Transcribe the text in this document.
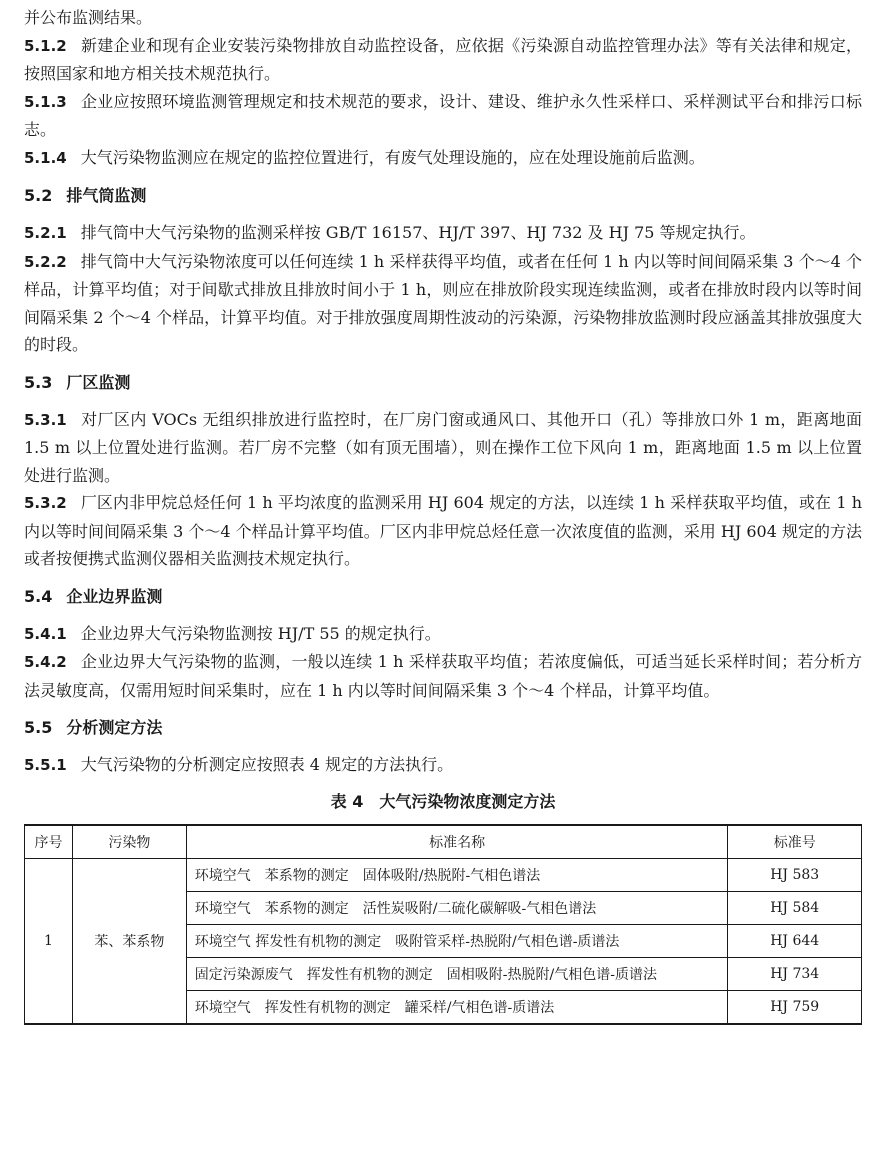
并公布监测结果。

5.1.2 新建企业和现有企业安装污染物排放自动监控设备，应依据《污染源自动监控管理办法》等有关法律和规定，按照国家和地方相关技术规范执行。

5.1.3 企业应按照环境监测管理规定和技术规范的要求，设计、建设、维护永久性采样口、采样测试平台和排污口标志。

5.1.4 大气污染物监测应在规定的监控位置进行，有废气处理设施的，应在处理设施前后监测。

5.2 排气筒监测

5.2.1 排气筒中大气污染物的监测采样按 GB/T 16157、HJ/T 397、HJ 732 及 HJ 75 等规定执行。

5.2.2 排气筒中大气污染物浓度可以任何连续 1 h 采样获得平均值，或者在任何 1 h 内以等时间间隔采集 3 个～4 个样品，计算平均值；对于间歇式排放且排放时间小于 1 h，则应在排放阶段实现连续监测，或者在排放时段内以等时间间隔采集 2 个～4 个样品，计算平均值。对于排放强度周期性波动的污染源，污染物排放监测时段应涵盖其排放强度大的时段。

5.3 厂区监测

5.3.1 对厂区内 VOCs 无组织排放进行监控时，在厂房门窗或通风口、其他开口（孔）等排放口外 1 m，距离地面 1.5 m 以上位置处进行监测。若厂房不完整（如有顶无围墙），则在操作工位下风向 1 m，距离地面 1.5 m 以上位置处进行监测。

5.3.2 厂区内非甲烷总烃任何 1 h 平均浓度的监测采用 HJ 604 规定的方法，以连续 1 h 采样获取平均值，或在 1 h 内以等时间间隔采集 3 个～4 个样品计算平均值。厂区内非甲烷总烃任意一次浓度值的监测，采用 HJ 604 规定的方法或者按便携式监测仪器相关监测技术规定执行。

5.4 企业边界监测

5.4.1 企业边界大气污染物监测按 HJ/T 55 的规定执行。

5.4.2 企业边界大气污染物的监测，一般以连续 1 h 采样获取平均值；若浓度偏低，可适当延长采样时间；若分析方法灵敏度高，仅需用短时间采集时，应在 1 h 内以等时间间隔采集 3 个～4 个样品，计算平均值。

5.5 分析测定方法

5.5.1 大气污染物的分析测定应按照表 4 规定的方法执行。

表 4 大气污染物浓度测定方法

序号	污染物	标准名称	标准号
1	苯、苯系物	环境空气　苯系物的测定　固体吸附/热脱附-气相色谱法	HJ 583
		环境空气　苯系物的测定　活性炭吸附/二硫化碳解吸-气相色谱法	HJ 584
		环境空气 挥发性有机物的测定　吸附管采样-热脱附/气相色谱-质谱法	HJ 644
		固定污染源废气　挥发性有机物的测定　固相吸附-热脱附/气相色谱-质谱法	HJ 734
		环境空气　挥发性有机物的测定　罐采样/气相色谱-质谱法	HJ 759
